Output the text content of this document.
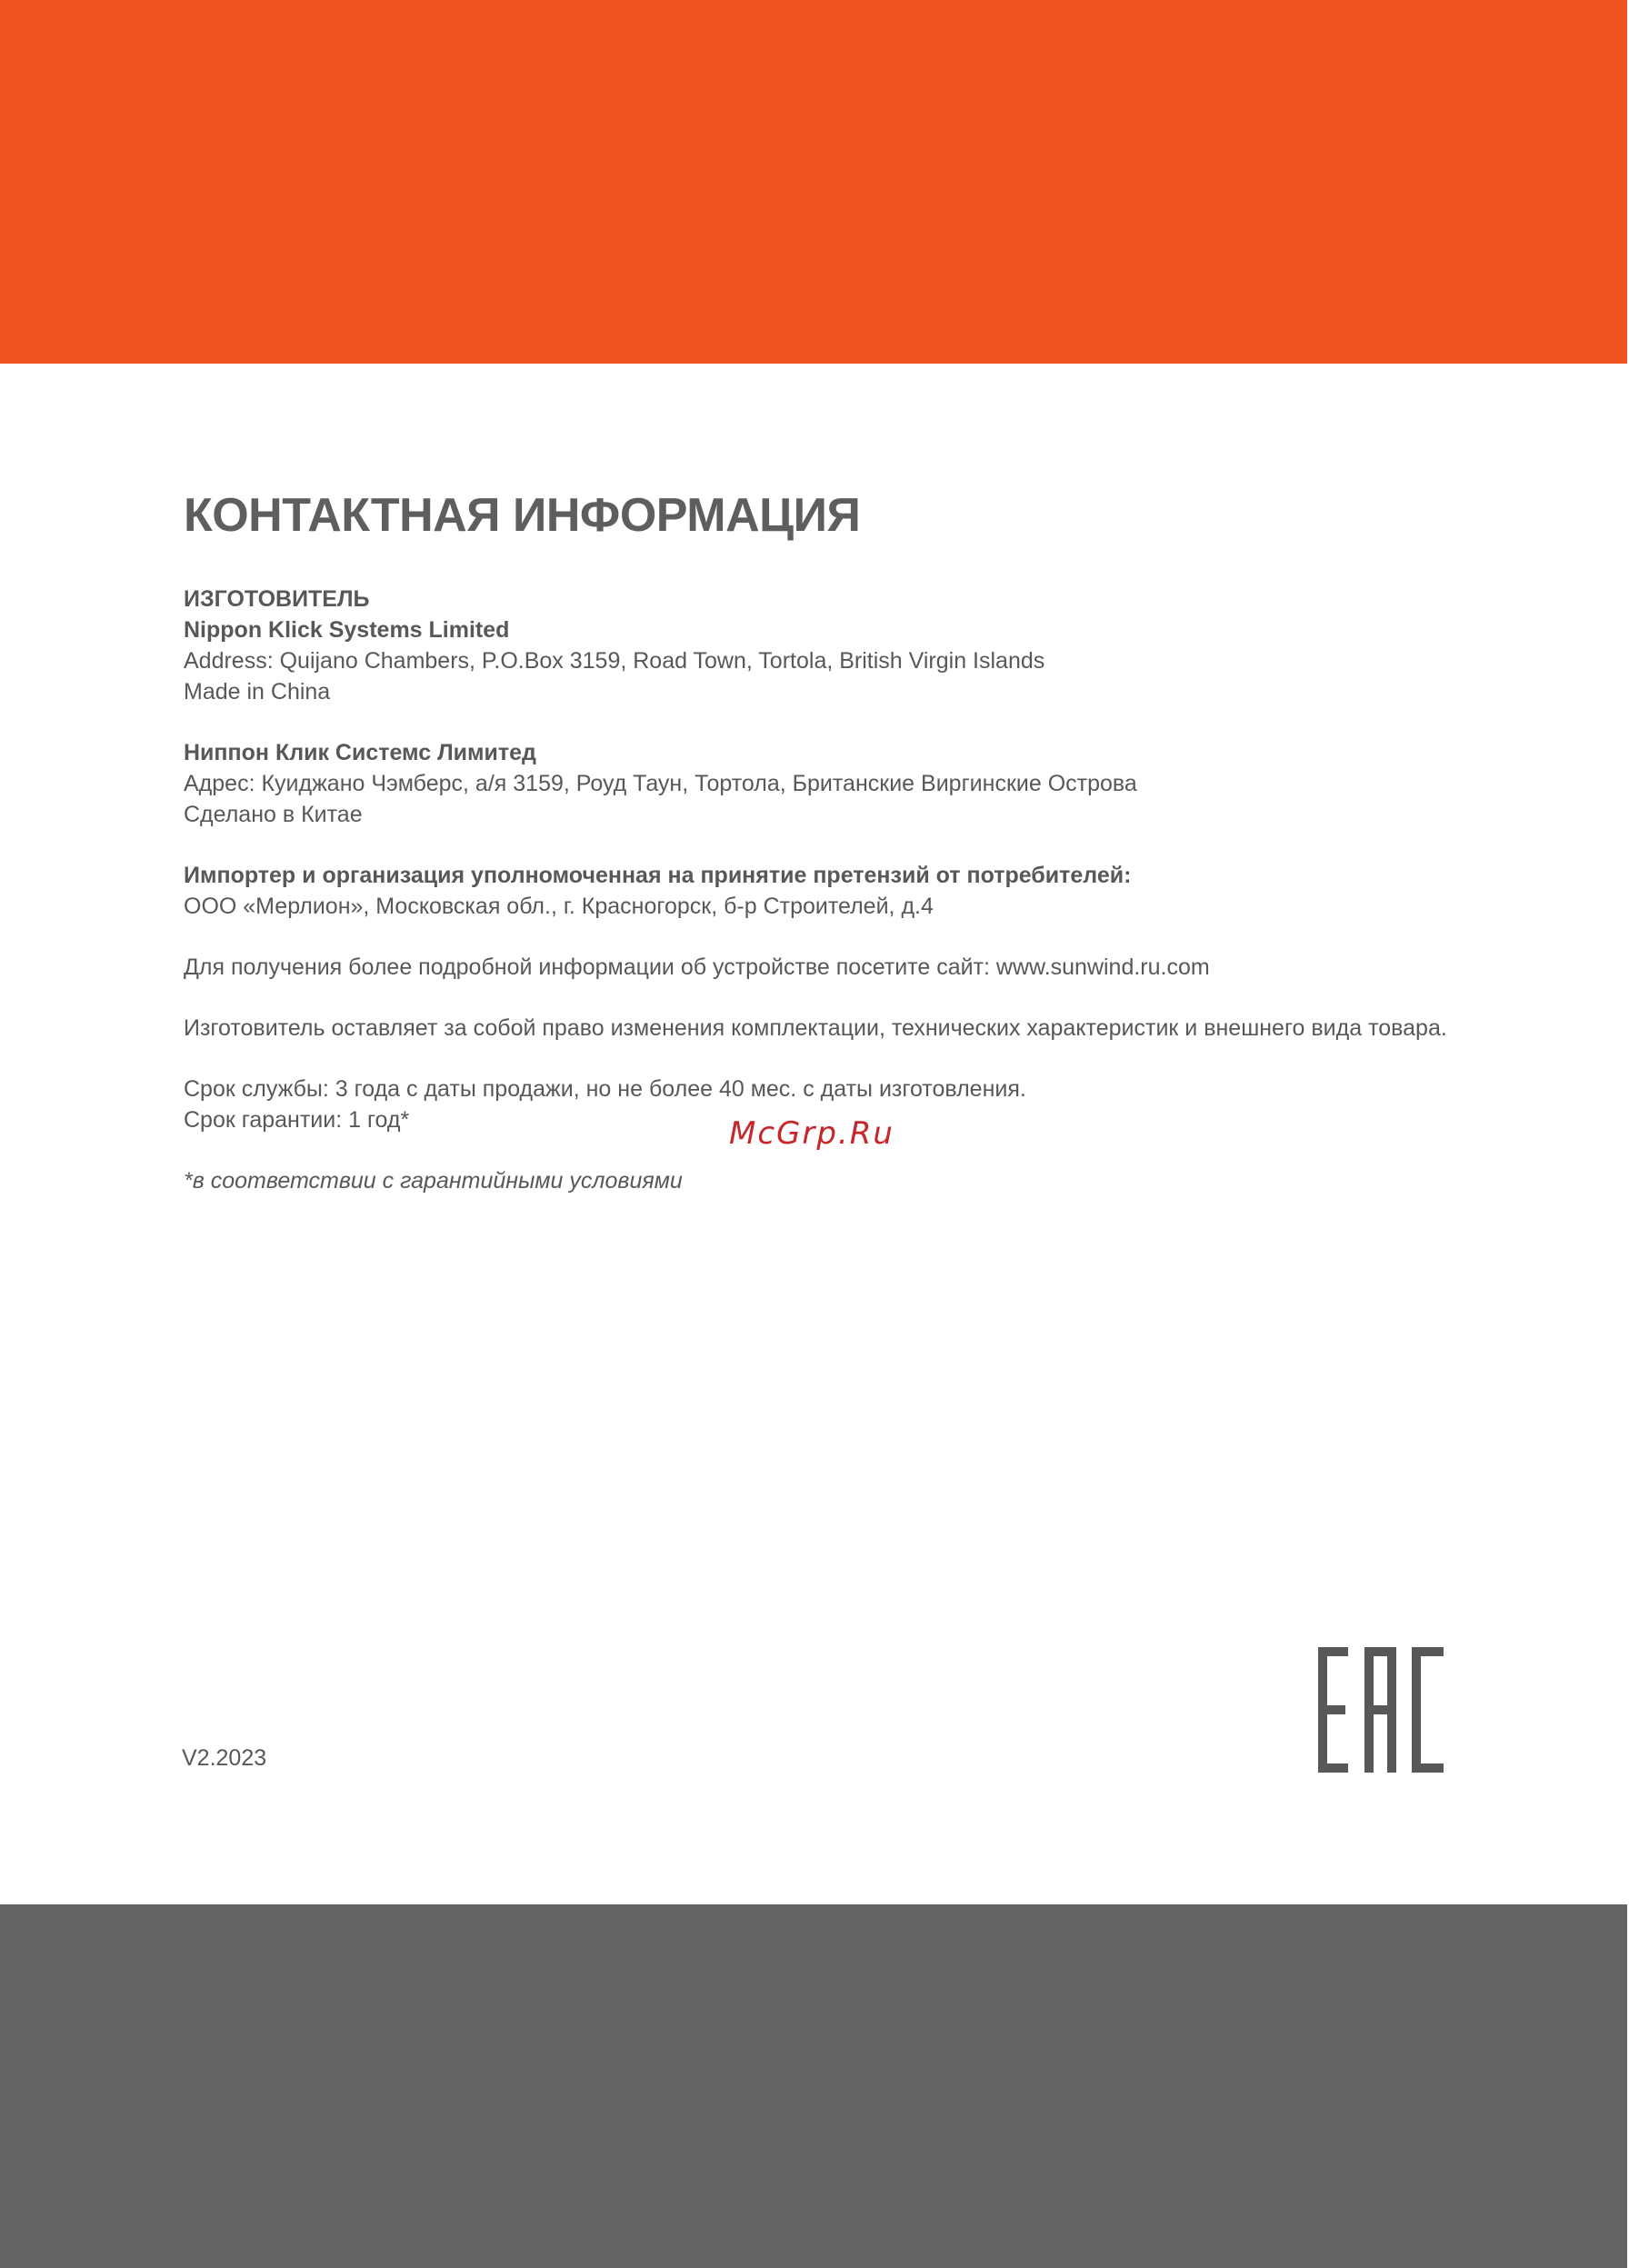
КОНТАКТНАЯ ИНФОРМАЦИЯ
ИЗГОТОВИТЕЛЬ
Nippon Klick Systems Limited
Address: Quijano Chambers, P.O.Box 3159, Road Town, Tortola, British Virgin Islands
Made in China
Ниппон Клик Системс Лимитед
Адрес: Куиджано Чэмберс, а/я 3159, Роуд Таун, Тортола, Британские Виргинские Острова
Сделано в Китае
Импортер и организация уполномоченная на принятие претензий от потребителей:
ООО «Мерлион», Московская обл., г. Красногорск, б-р Строителей, д.4
Для получения более подробной информации об устройстве посетите сайт: www.sunwind.ru.com
Изготовитель оставляет за собой право изменения комплектации, технических характеристик и внешнего вида товара.
Срок службы: 3 года с даты продажи, но не более 40 мес. с даты изготовления.
Срок гарантии: 1 год*
*в соответствии с гарантийными условиями
McGrp.Ru
V2.2023
